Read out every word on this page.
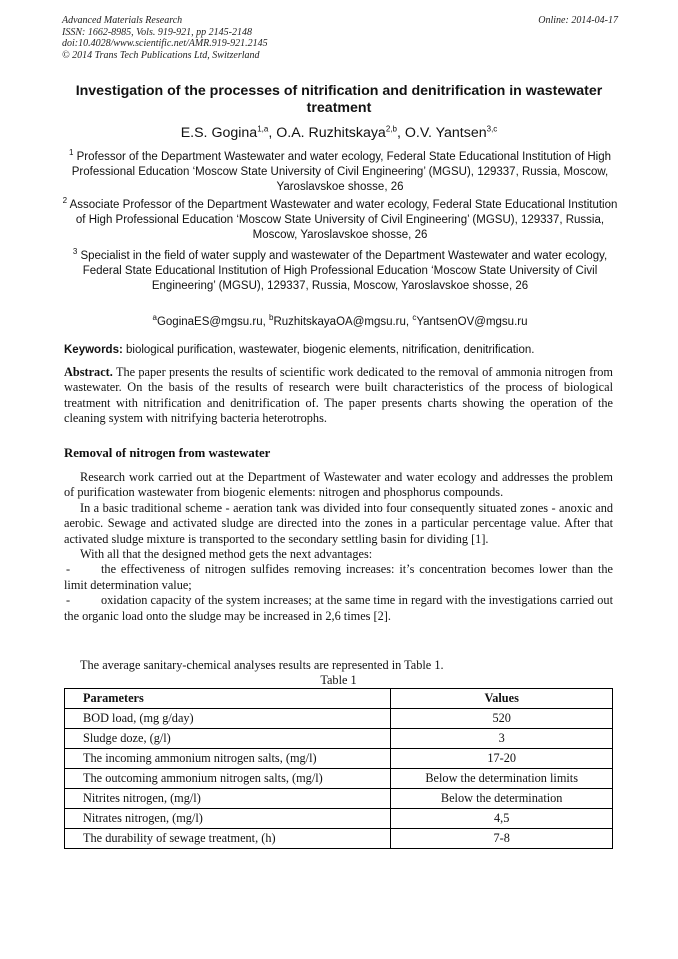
Advanced Materials Research
ISSN: 1662-8985, Vols. 919-921, pp 2145-2148
doi:10.4028/www.scientific.net/AMR.919-921.2145
© 2014 Trans Tech Publications Ltd, Switzerland
Online: 2014-04-17
Investigation of the processes of nitrification and denitrification in wastewater treatment
E.S. Gogina$^{1,a}$, O.A. Ruzhitskaya$^{2,b}$, O.V. Yantsen$^{3,c}$
$^1$ Professor of the Department Wastewater and water ecology, Federal State Educational Institution of High Professional Education ‘Moscow State University of Civil Engineering’ (MGSU), 129337, Russia, Moscow, Yaroslavskoe shosse, 26
$^2$ Associate Professor of the Department Wastewater and water ecology, Federal State Educational Institution of High Professional Education ‘Moscow State University of Civil Engineering’ (MGSU), 129337, Russia, Moscow, Yaroslavskoe shosse, 26
$^3$ Specialist in the field of water supply and wastewater of the Department Wastewater and water ecology, Federal State Educational Institution of High Professional Education ‘Moscow State University of Civil Engineering’ (MGSU), 129337, Russia, Moscow, Yaroslavskoe shosse, 26
$^a$GoginaES@mgsu.ru, $^b$RuzhitskayaOA@mgsu.ru, $^c$YantsenOV@mgsu.ru
Keywords: biological purification, wastewater, biogenic elements, nitrification, denitrification.
Abstract. The paper presents the results of scientific work dedicated to the removal of ammonia nitrogen from wastewater. On the basis of the results of research were built characteristics of the process of biological treatment with nitrification and denitrification of. The paper presents charts showing the operation of the cleaning system with nitrifying bacteria heterotrophs.
Removal of nitrogen from wastewater

Research work carried out at the Department of Wastewater and water ecology and addresses the problem of purification wastewater from biogenic elements: nitrogen and phosphorus compounds.

In a basic traditional scheme - aeration tank was divided into four consequently situated zones - anoxic and aerobic. Sewage and activated sludge are directed into the zones in a particular percentage value. After that activated sludge mixture is transported to the secondary settling basin for dividing [1].

With all that the designed method gets the next advantages:

-	the effectiveness of nitrogen sulfides removing increases: it’s concentration becomes lower than the limit determination value;

-	oxidation capacity of the system increases; at the same time in regard with the investigations carried out the organic load onto the sludge may be increased in 2,6 times [2].

The average sanitary-chemical analyses results are represented in Table 1.
Table 1
Parameters	Values
BOD load, (mg g/day)	520
Sludge doze, (g/l)	3
The incoming ammonium nitrogen salts, (mg/l)	17-20
The outcoming ammonium nitrogen salts, (mg/l)	Below the determination limits
Nitrites nitrogen, (mg/l)	Below the determination
Nitrates nitrogen, (mg/l)	4,5
The durability of sewage treatment, (h)	7-8
